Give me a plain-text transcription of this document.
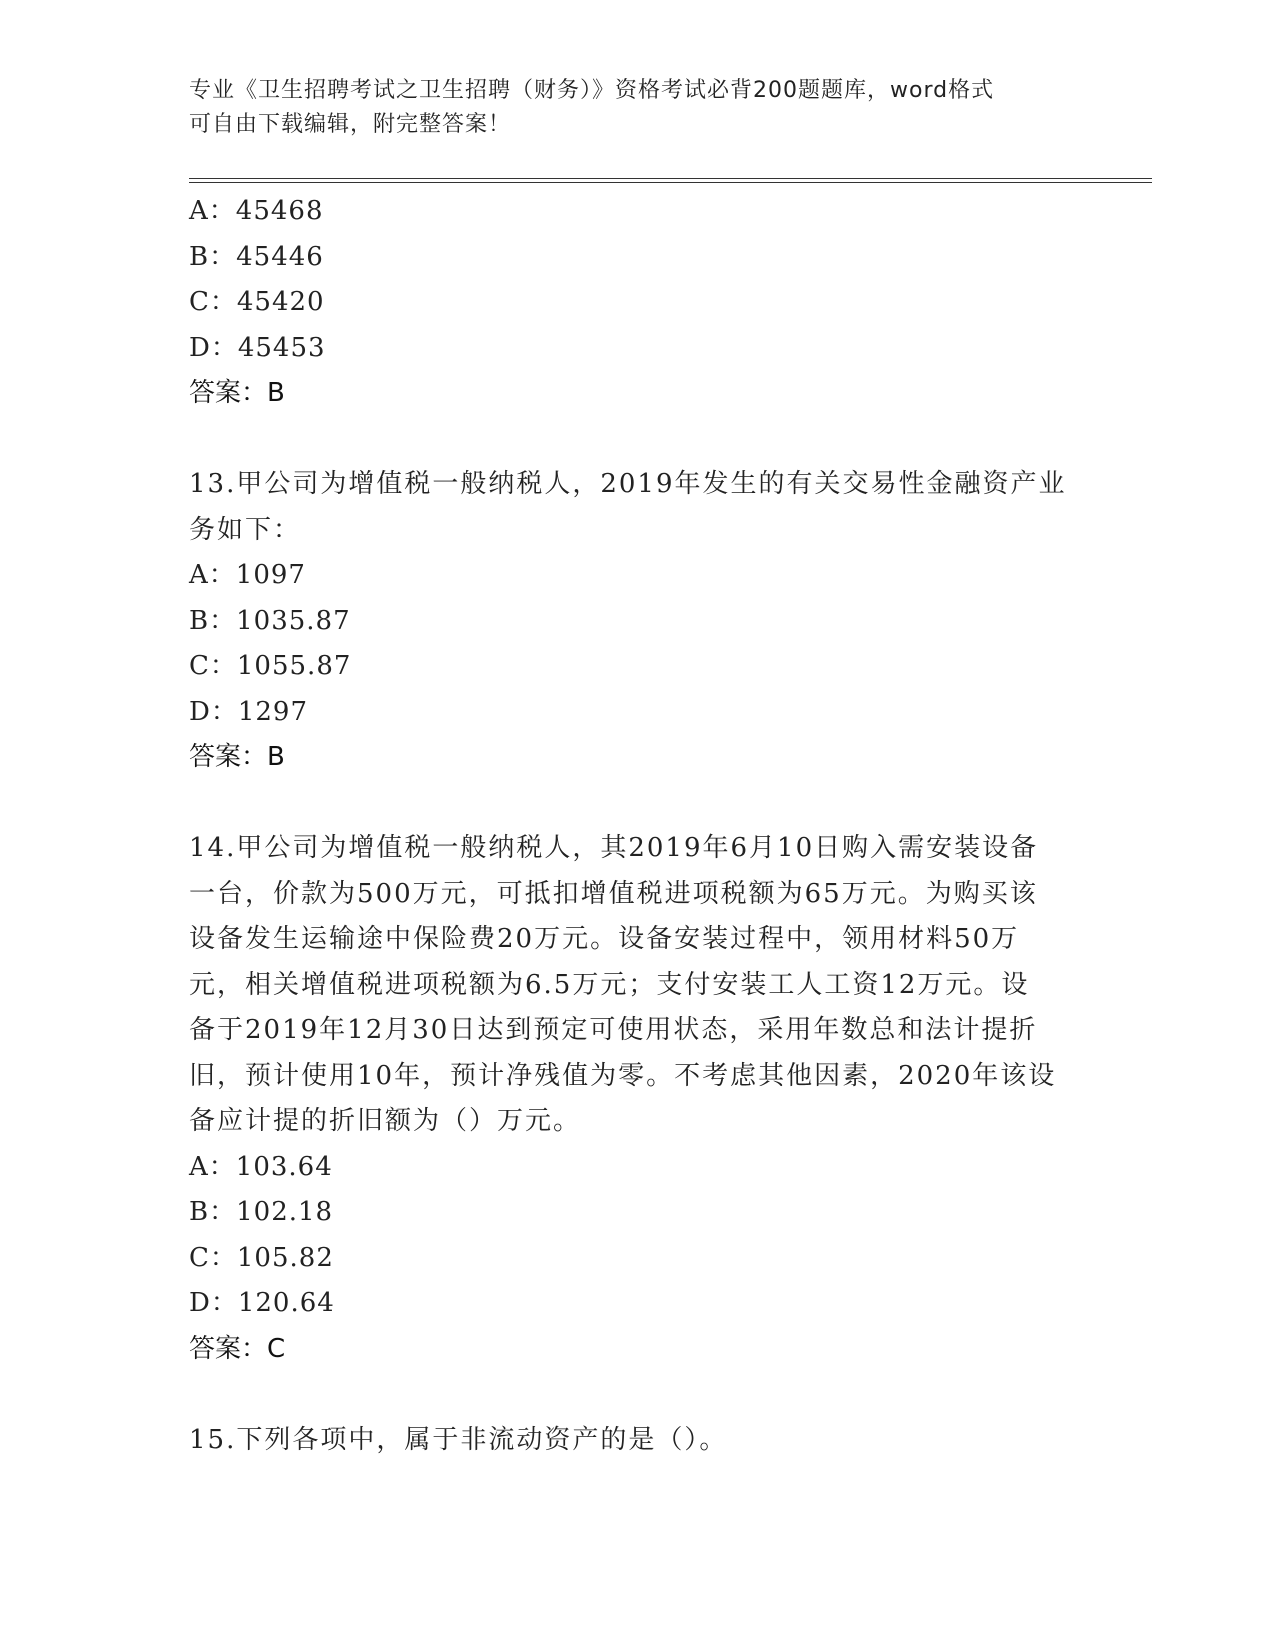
专业《卫生招聘考试之卫生招聘（财务）》资格考试必背200题题库，word格式
可自由下载编辑，附完整答案！
A：45468
B：45446
C：45420
D：45453
答案：B
13.甲公司为增值税一般纳税人，2019年发生的有关交易性金融资产业
务如下：
A：1097
B：1035.87
C：1055.87
D：1297
答案：B
14.甲公司为增值税一般纳税人，其2019年6月10日购入需安装设备
一台，价款为500万元，可抵扣增值税进项税额为65万元。为购买该
设备发生运输途中保险费20万元。设备安装过程中，领用材料50万
元，相关增值税进项税额为6.5万元；支付安装工人工资12万元。设
备于2019年12月30日达到预定可使用状态，采用年数总和法计提折
旧，预计使用10年，预计净残值为零。不考虑其他因素，2020年该设
备应计提的折旧额为（）万元。
A：103.64
B：102.18
C：105.82
D：120.64
答案：C
15.下列各项中，属于非流动资产的是（）。
